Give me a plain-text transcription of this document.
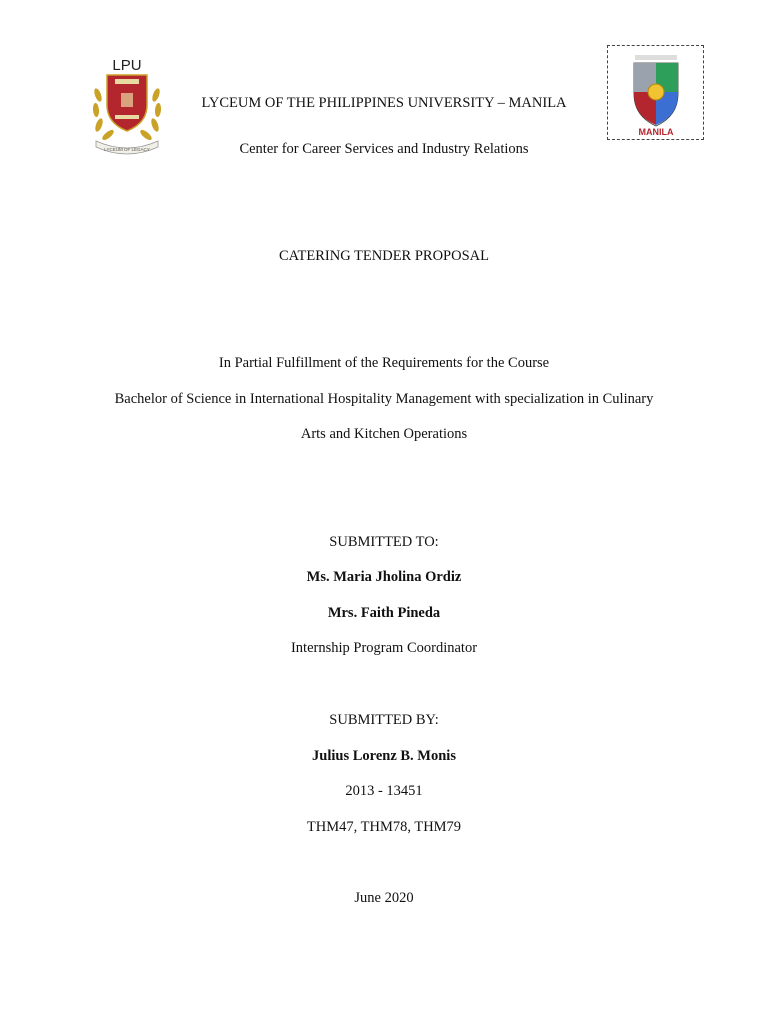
LPU
LYCEUM OF LEGACY
LYCEUM OF THE PHILIPPINES UNIVERSITY – MANILA
Center for Career Services and Industry Relations
MANILA
CATERING TENDER PROPOSAL
In Partial Fulfillment of the Requirements for the Course
Bachelor of Science in International Hospitality Management with specialization in Culinary
Arts and Kitchen Operations
SUBMITTED TO:
Ms. Maria Jholina Ordiz
Mrs. Faith Pineda
Internship Program Coordinator
SUBMITTED BY:
Julius Lorenz B. Monis
2013 - 13451
THM47, THM78, THM79
June 2020
